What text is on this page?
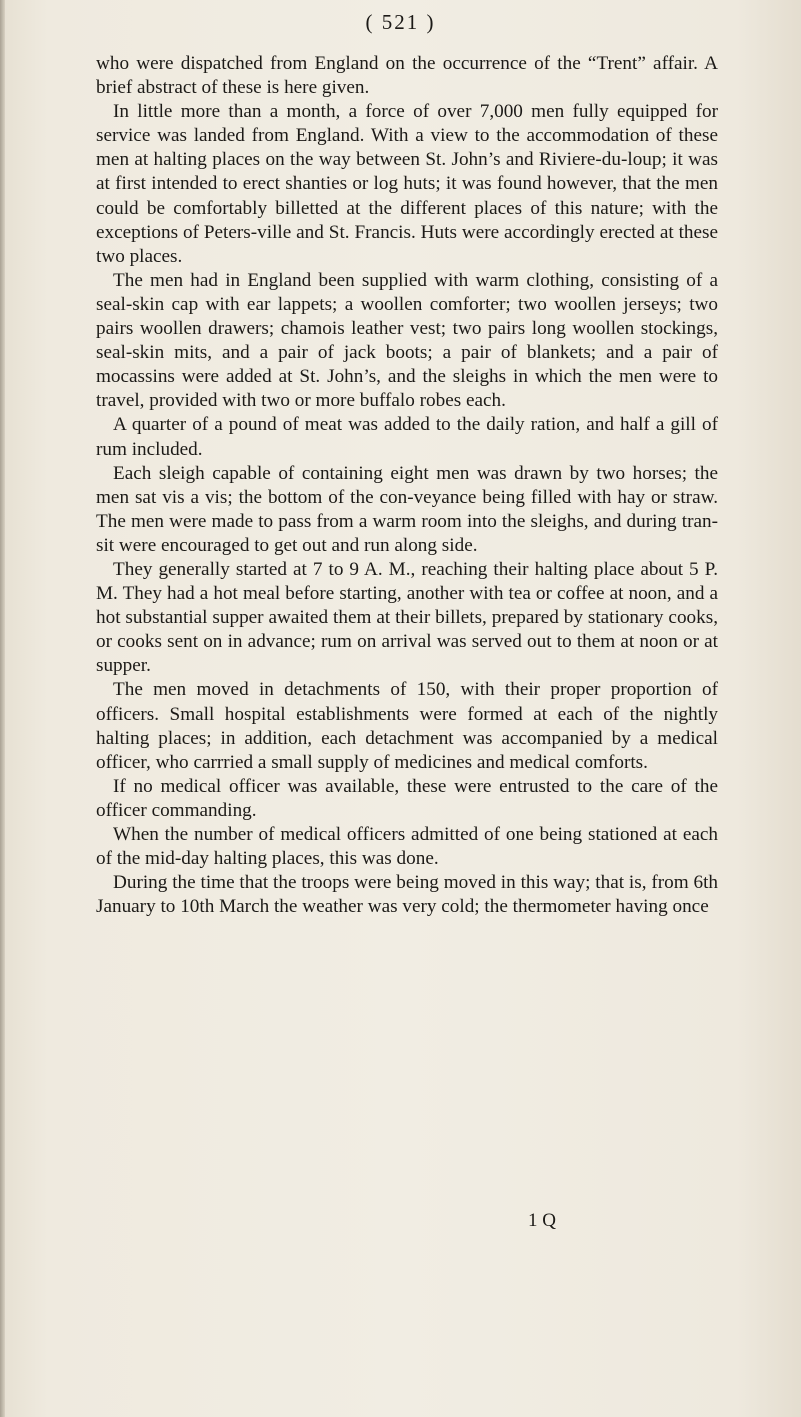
( 521 )

who were dispatched from England on the occurrence of the “Trent” affair. A brief abstract of these is here given.

In little more than a month, a force of over 7,000 men fully equipped for service was landed from England. With a view to the accommodation of these men at halting places on the way between St. John’s and Riviere-du-loup; it was at first intended to erect shanties or log huts; it was found however, that the men could be comfortably billetted at the different places of this nature; with the exceptions of Peters-ville and St. Francis. Huts were accordingly erected at these two places.

The men had in England been supplied with warm clothing, consisting of a seal-skin cap with ear lappets; a woollen comforter; two woollen jerseys; two pairs woollen drawers; chamois leather vest; two pairs long woollen stockings, seal-skin mits, and a pair of jack boots; a pair of blankets; and a pair of mocassins were added at St. John’s, and the sleighs in which the men were to travel, provided with two or more buffalo robes each.

A quarter of a pound of meat was added to the daily ration, and half a gill of rum included.

Each sleigh capable of containing eight men was drawn by two horses; the men sat vis a vis; the bottom of the con-veyance being filled with hay or straw. The men were made to pass from a warm room into the sleighs, and during tran-sit were encouraged to get out and run along side.

They generally started at 7 to 9 A. M., reaching their halting place about 5 P. M. They had a hot meal before starting, another with tea or coffee at noon, and a hot substantial supper awaited them at their billets, prepared by stationary cooks, or cooks sent on in advance; rum on arrival was served out to them at noon or at supper.

The men moved in detachments of 150, with their proper proportion of officers. Small hospital establishments were formed at each of the nightly halting places; in addition, each detachment was accompanied by a medical officer, who carrried a small supply of medicines and medical comforts.

If no medical officer was available, these were entrusted to the care of the officer commanding.

When the number of medical officers admitted of one being stationed at each of the mid-day halting places, this was done.

During the time that the troops were being moved in this way; that is, from 6th January to 10th March the weather was very cold; the thermometer having once

1 Q
